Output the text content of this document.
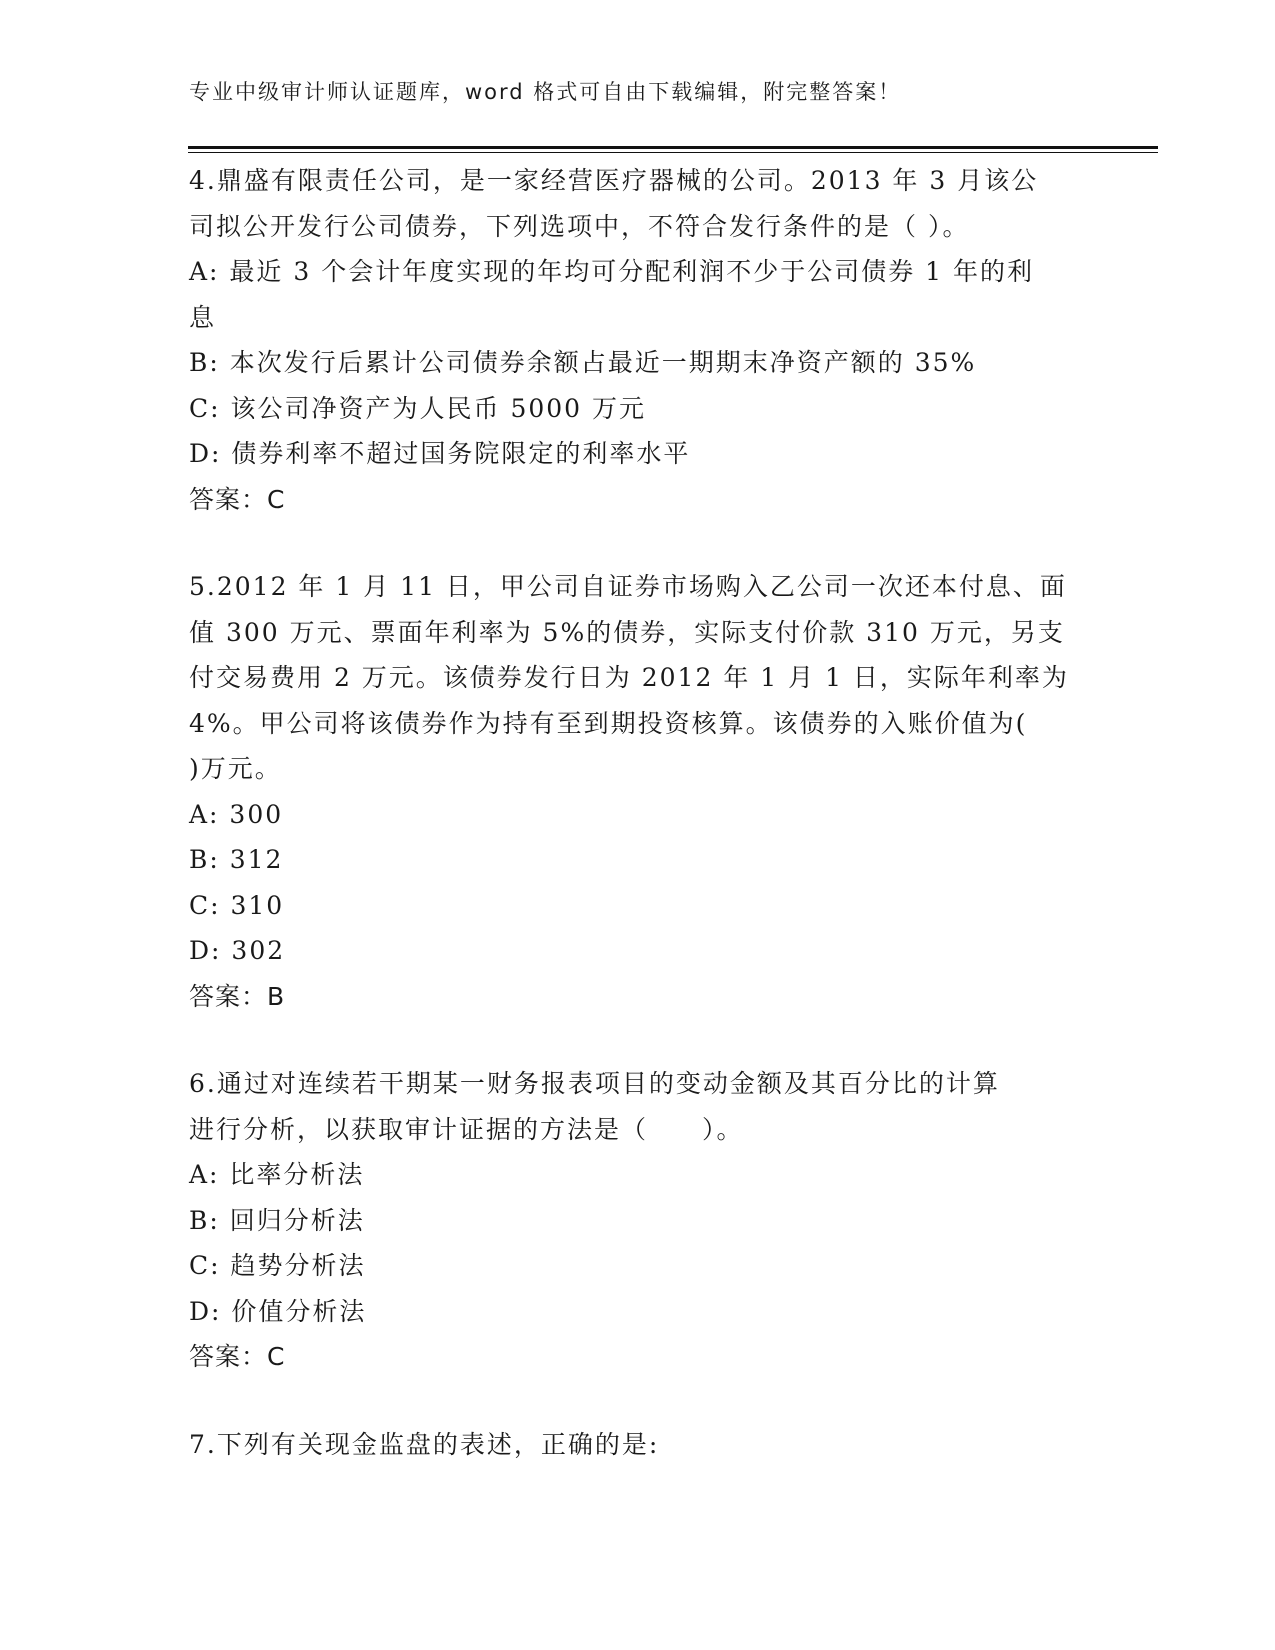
专业中级审计师认证题库，word 格式可自由下载编辑，附完整答案！

4.鼎盛有限责任公司，是一家经营医疗器械的公司。2013 年 3 月该公

司拟公开发行公司债券，下列选项中，不符合发行条件的是（ ）。

A: 最近 3 个会计年度实现的年均可分配利润不少于公司债券 1 年的利

息

B: 本次发行后累计公司债券余额占最近一期期末净资产额的 35%

C: 该公司净资产为人民币 5000 万元

D: 债券利率不超过国务院限定的利率水平

答案：C

5.2012 年 1 月 11 日，甲公司自证券市场购入乙公司一次还本付息、面

值 300 万元、票面年利率为 5%的债券，实际支付价款 310 万元，另支

付交易费用 2 万元。该债券发行日为 2012 年 1 月 1 日，实际年利率为

4%。甲公司将该债券作为持有至到期投资核算。该债券的入账价值为(

)万元。

A: 300

B: 312

C: 310

D: 302

答案：B

6.通过对连续若干期某一财务报表项目的变动金额及其百分比的计算

进行分析，以获取审计证据的方法是（　　）。

A: 比率分析法

B: 回归分析法

C: 趋势分析法

D: 价值分析法

答案：C

7.下列有关现金监盘的表述，正确的是:
